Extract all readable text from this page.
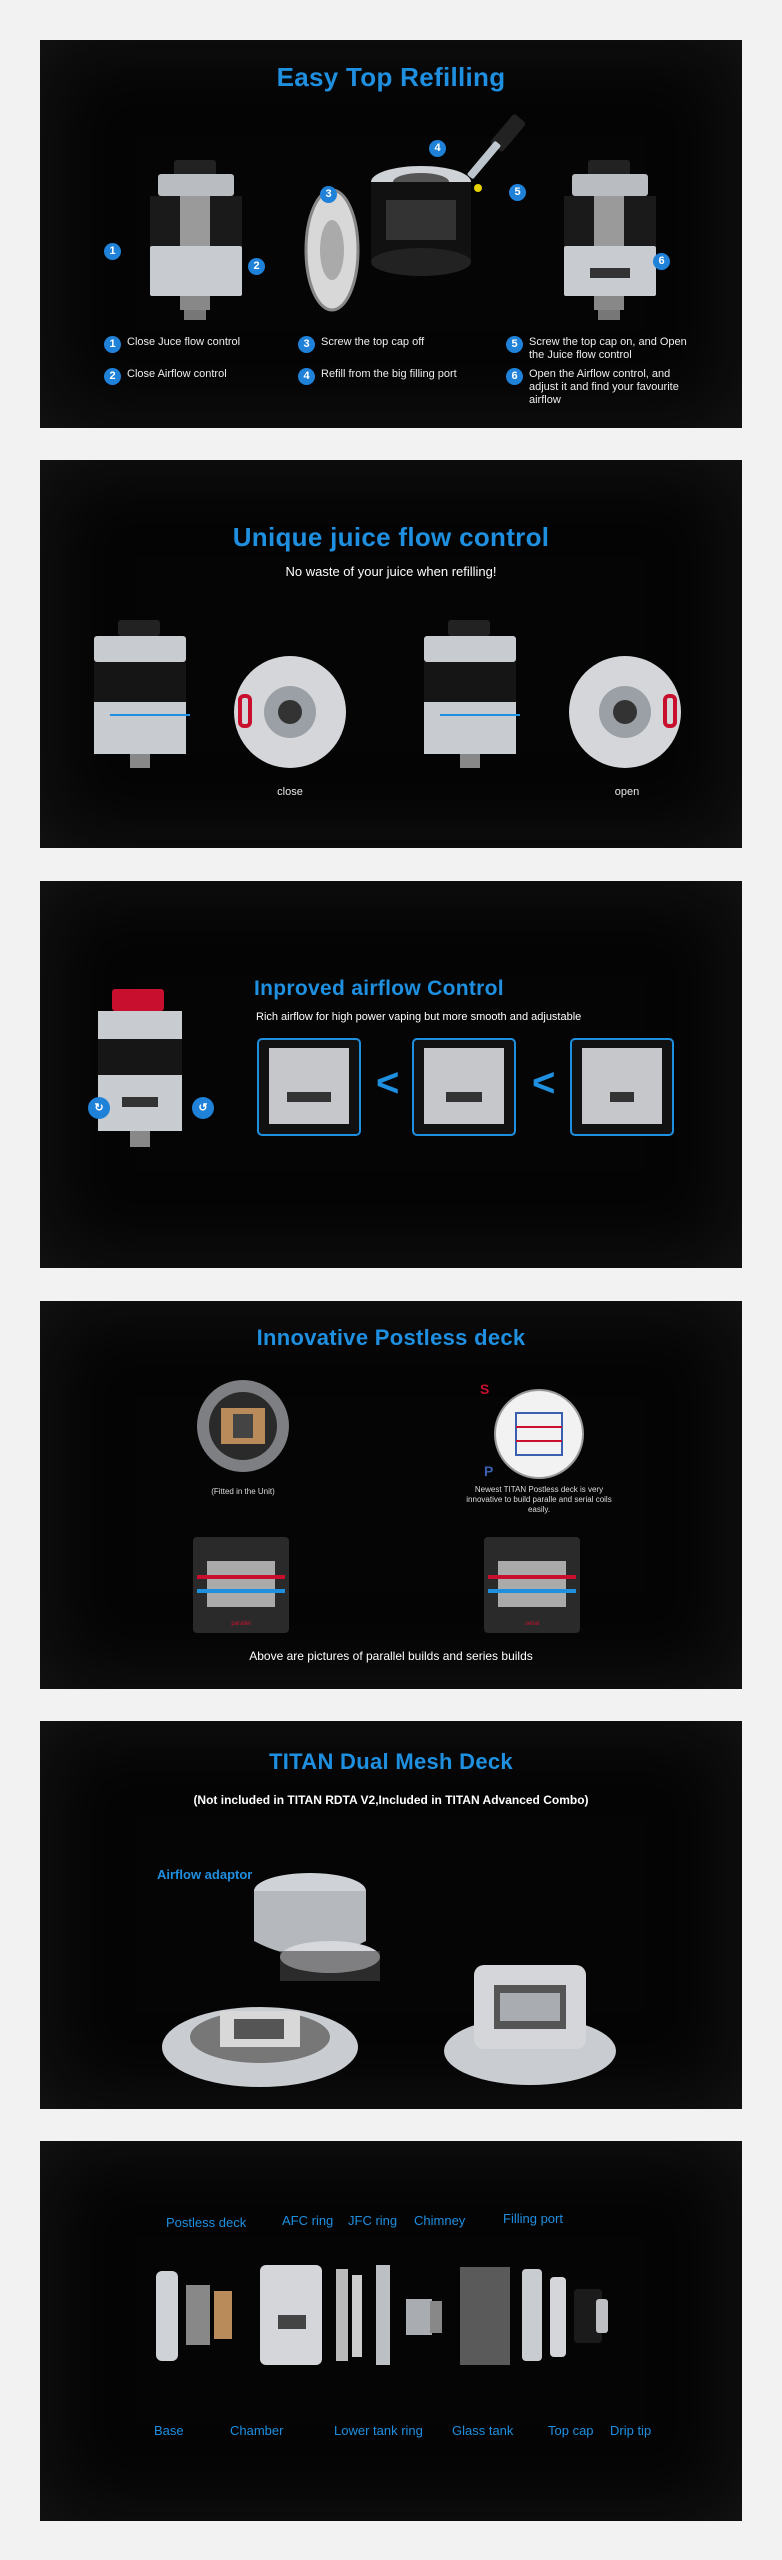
Easy Top Refilling
1
2
3
4
5
6
1	Close Juce flow control
2	Close Airflow control
3	Screw the top cap off
4	Refill from the big filling port
5	Screw the top cap on, and Open the Juice flow control
6	Open the Airflow control, and adjust it and find your favourite airflow
Unique juice flow control
No waste of your juice when refilling!
close	open
Inproved airflow Control
Rich airflow for high power vaping but more smooth and adjustable
↻	↺
<	<
Innovative Postless deck
(Fitted in the Unit)
S
P
Newest TITAN Postless deck is very innovative to build paralle and serial coils easily.
parallel	serial
Above are pictures of parallel builds and series builds
TITAN Dual Mesh Deck
(Not included in TITAN RDTA V2,Included in TITAN Advanced Combo)
Airflow adaptor
Postless deck	AFC ring JFC ring Chimney	Filling port
Base	Chamber	Lower tank ring Glass tank	Top cap Drip tip
